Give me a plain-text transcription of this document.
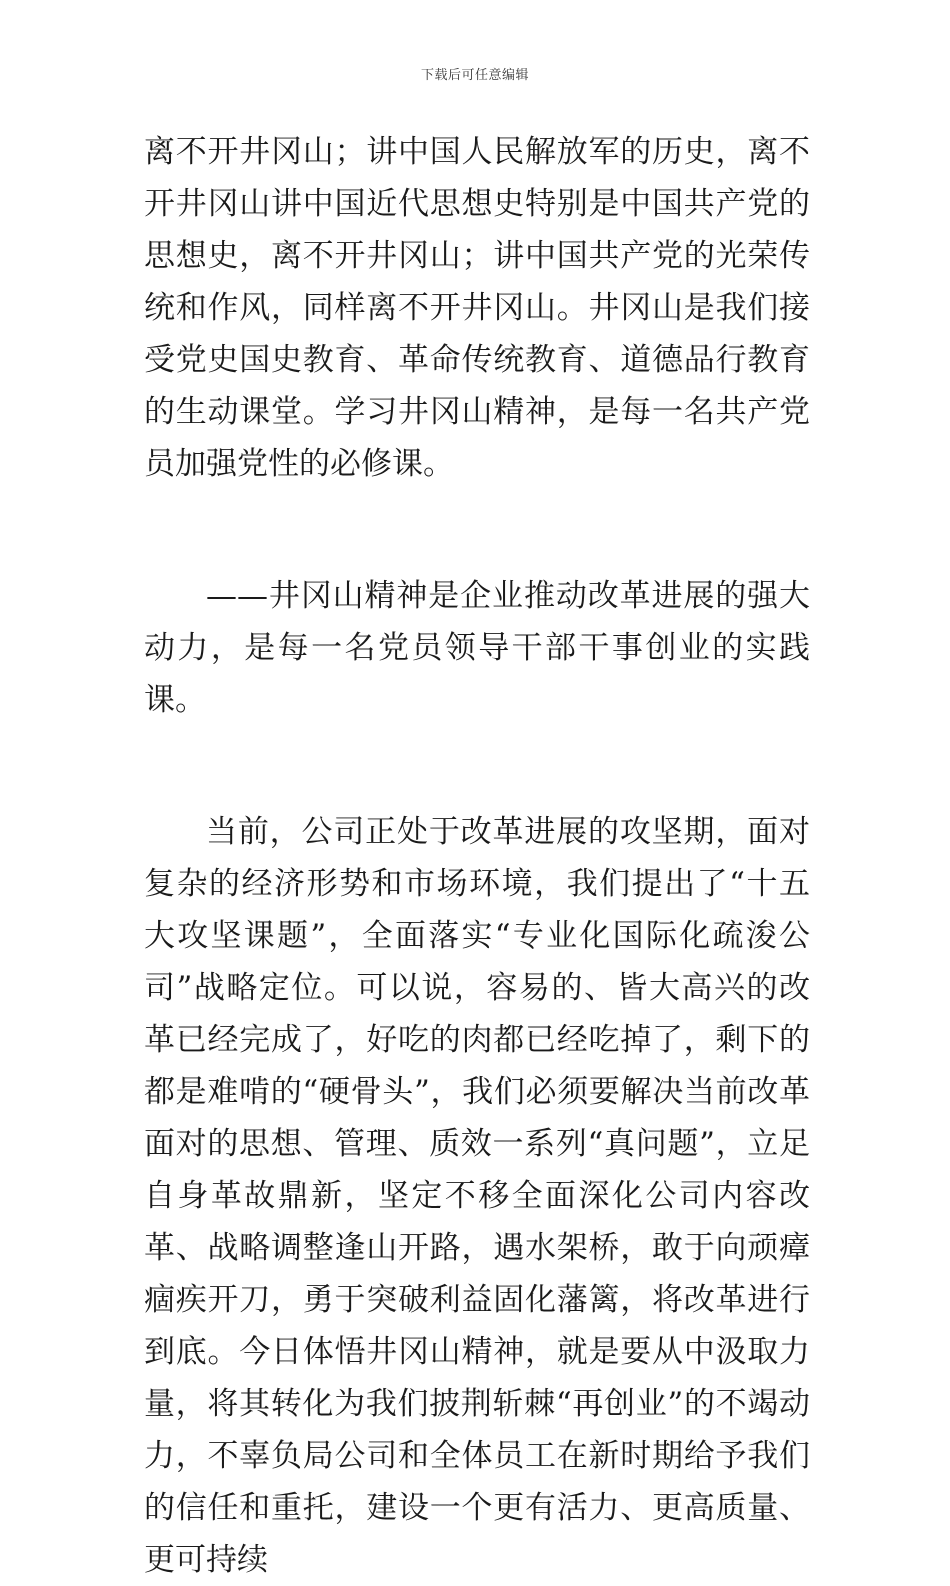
下载后可任意编辑

离不开井冈山；讲中国人民解放军的历史，离不开井冈山讲中国近代思想史特别是中国共产党的思想史，离不开井冈山；讲中国共产党的光荣传统和作风，同样离不开井冈山。井冈山是我们接受党史国史教育、革命传统教育、道德品行教育的生动课堂。学习井冈山精神，是每一名共产党员加强党性的必修课。

——井冈山精神是企业推动改革进展的强大动力，是每一名党员领导干部干事创业的实践课。

当前，公司正处于改革进展的攻坚期，面对复杂的经济形势和市场环境，我们提出了“十五大攻坚课题”，全面落实“专业化国际化疏浚公司”战略定位。可以说，容易的、皆大高兴的改革已经完成了，好吃的肉都已经吃掉了，剩下的都是难啃的“硬骨头”，我们必须要解决当前改革面对的思想、管理、质效一系列“真问题”，立足自身革故鼎新，坚定不移全面深化公司内容改革、战略调整逢山开路，遇水架桥，敢于向顽瘴痼疾开刀，勇于突破利益固化藩篱，将改革进行到底。今日体悟井冈山精神，就是要从中汲取力量，将其转化为我们披荆斩棘“再创业”的不竭动力，不辜负局公司和全体员工在新时期给予我们的信任和重托，建设一个更有活力、更高质量、更可持续
